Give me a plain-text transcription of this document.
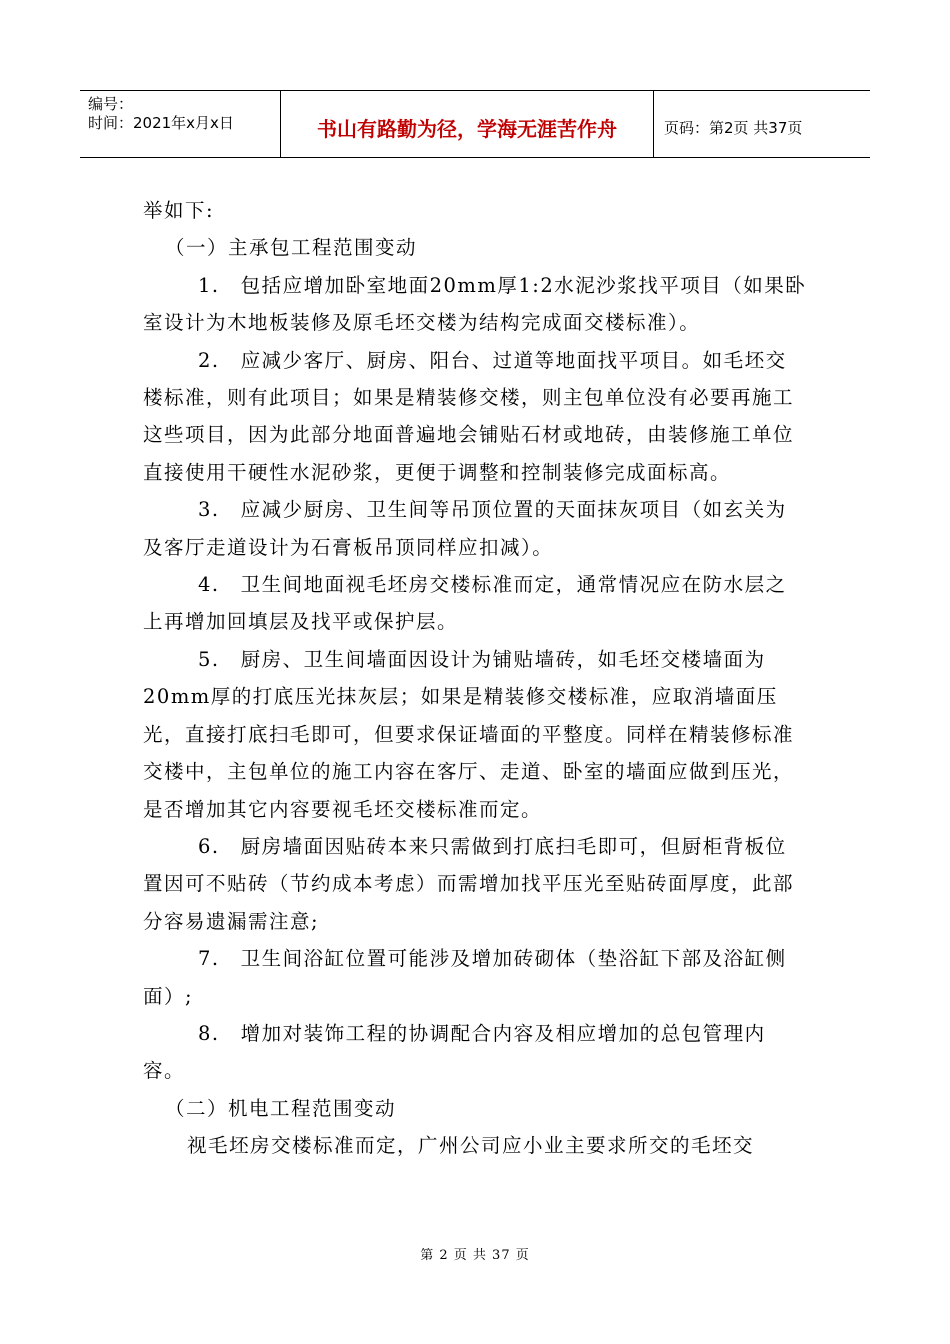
编号：
时间：2021年x月x日	书山有路勤为径，学海无涯苦作舟	页码：第2页 共37页

举如下:

（一）主承包工程范围变动

1.　包括应增加卧室地面20mm厚1:2水泥沙浆找平项目（如果卧室设计为木地板装修及原毛坯交楼为结构完成面交楼标准）。

2.　应减少客厅、厨房、阳台、过道等地面找平项目。如毛坯交楼标准，则有此项目；如果是精装修交楼，则主包单位没有必要再施工这些项目，因为此部分地面普遍地会铺贴石材或地砖，由装修施工单位直接使用干硬性水泥砂浆，更便于调整和控制装修完成面标高。

3.　应减少厨房、卫生间等吊顶位置的天面抹灰项目（如玄关为及客厅走道设计为石膏板吊顶同样应扣减）。

4.　卫生间地面视毛坯房交楼标准而定，通常情况应在防水层之上再增加回填层及找平或保护层。

5.　厨房、卫生间墙面因设计为铺贴墙砖，如毛坯交楼墙面为20mm厚的打底压光抹灰层；如果是精装修交楼标准，应取消墙面压光，直接打底扫毛即可，但要求保证墙面的平整度。同样在精装修标准交楼中，主包单位的施工内容在客厅、走道、卧室的墙面应做到压光，是否增加其它内容要视毛坯交楼标准而定。

6.　厨房墙面因贴砖本来只需做到打底扫毛即可，但厨柜背板位置因可不贴砖（节约成本考虑）而需增加找平压光至贴砖面厚度，此部分容易遗漏需注意;

7.　卫生间浴缸位置可能涉及增加砖砌体（垫浴缸下部及浴缸侧面）;

8.　增加对装饰工程的协调配合内容及相应增加的总包管理内容。

（二）机电工程范围变动

视毛坯房交楼标准而定，广州公司应小业主要求所交的毛坯交

第 2 页 共 37 页
